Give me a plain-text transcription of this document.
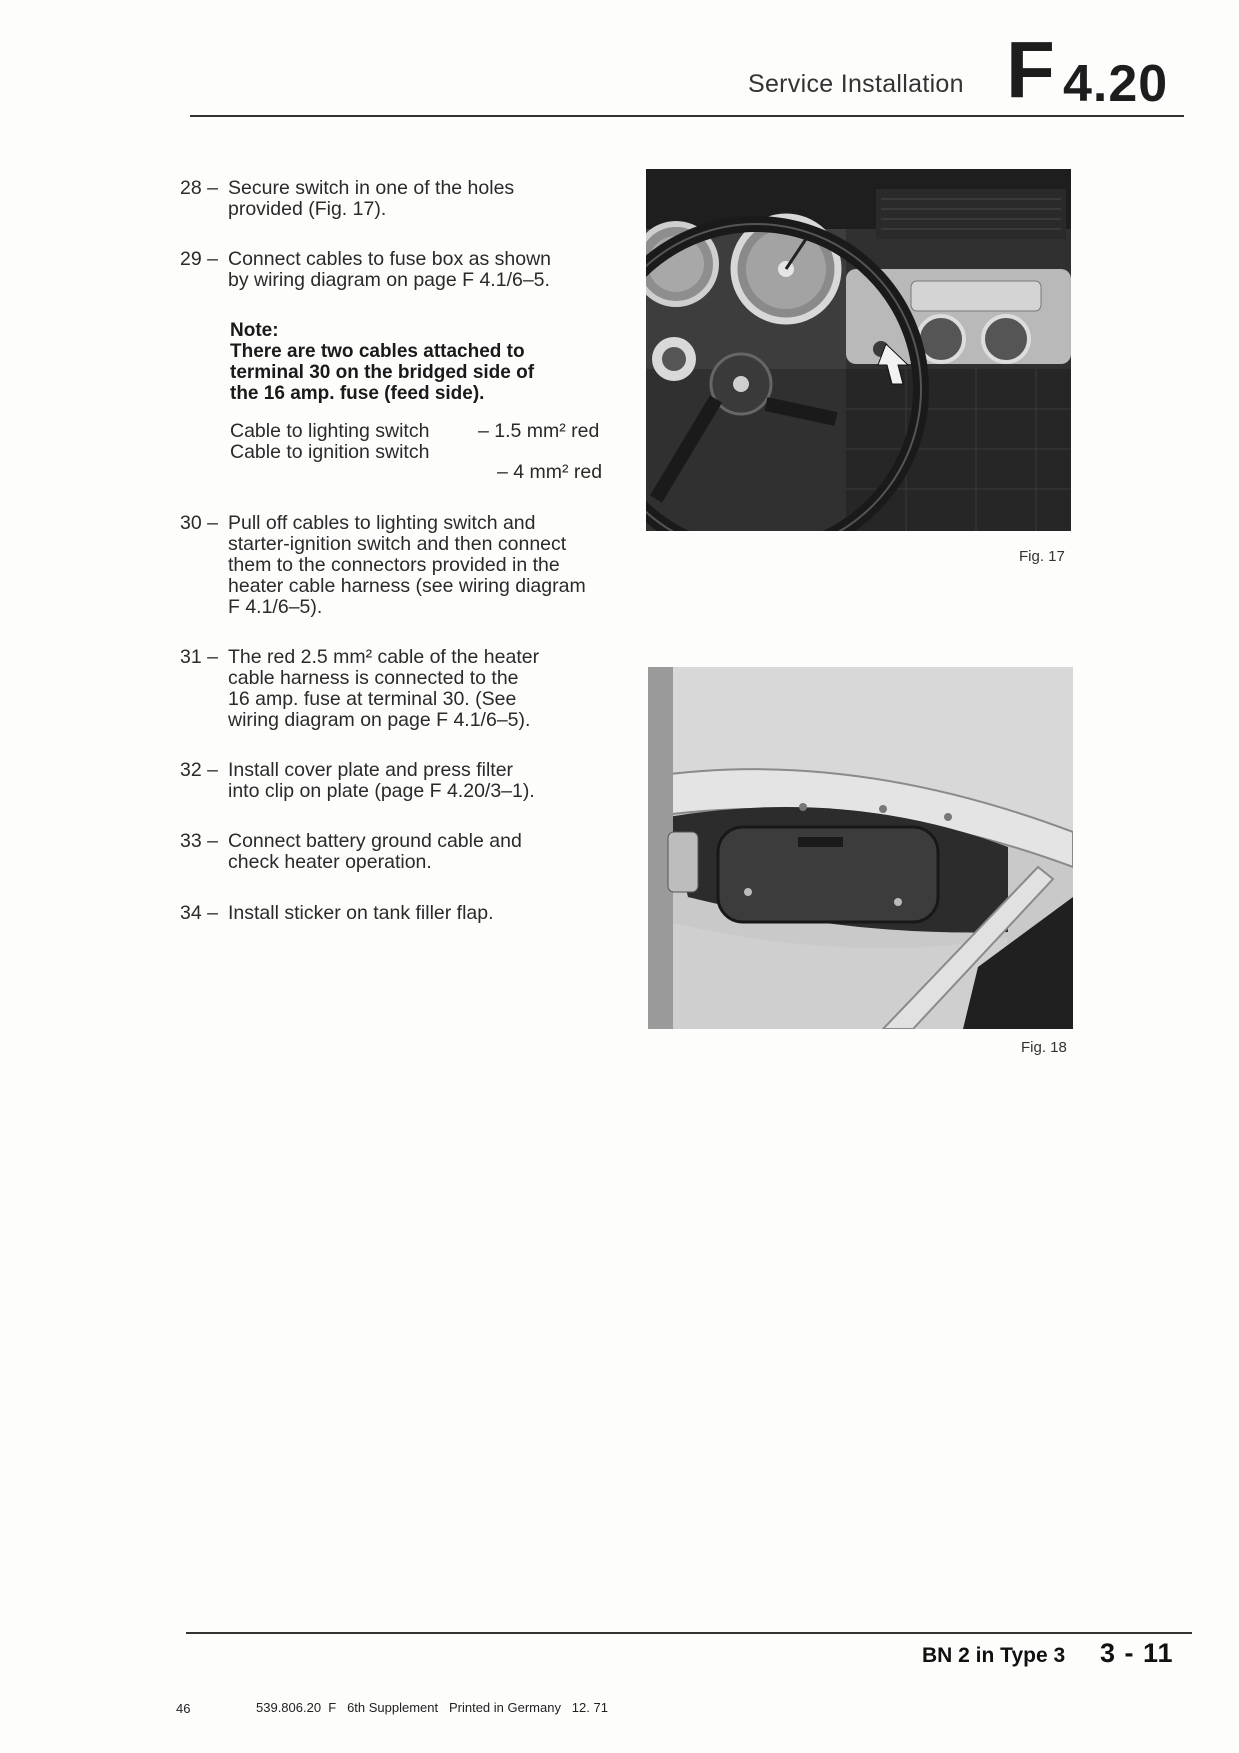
Service Installation F 4.20
28 – Secure switch in one of the holes
provided (Fig. 17).
29 – Connect cables to fuse box as shown
by wiring diagram on page F 4.1/6–5.
Note:
There are two cables attached to
terminal 30 on the bridged side of
the 16 amp. fuse (feed side).
Cable to lighting switch – 1.5 mm² red
Cable to ignition switch
– 4 mm² red
30 – Pull off cables to lighting switch and
starter-ignition switch and then connect
them to the connectors provided in the
heater cable harness (see wiring diagram
F 4.1/6–5).
31 – The red 2.5 mm² cable of the heater
cable harness is connected to the
16 amp. fuse at terminal 30. (See
wiring diagram on page F 4.1/6–5).
32 – Install cover plate and press filter
into clip on plate (page F 4.20/3–1).
33 – Connect battery ground cable and
check heater operation.
34 – Install sticker on tank filler flap.
Fig. 17
Fig. 18
BN 2 in Type 3 3 - 11
46	539.806.20  F   6th Supplement   Printed in Germany   12. 71
